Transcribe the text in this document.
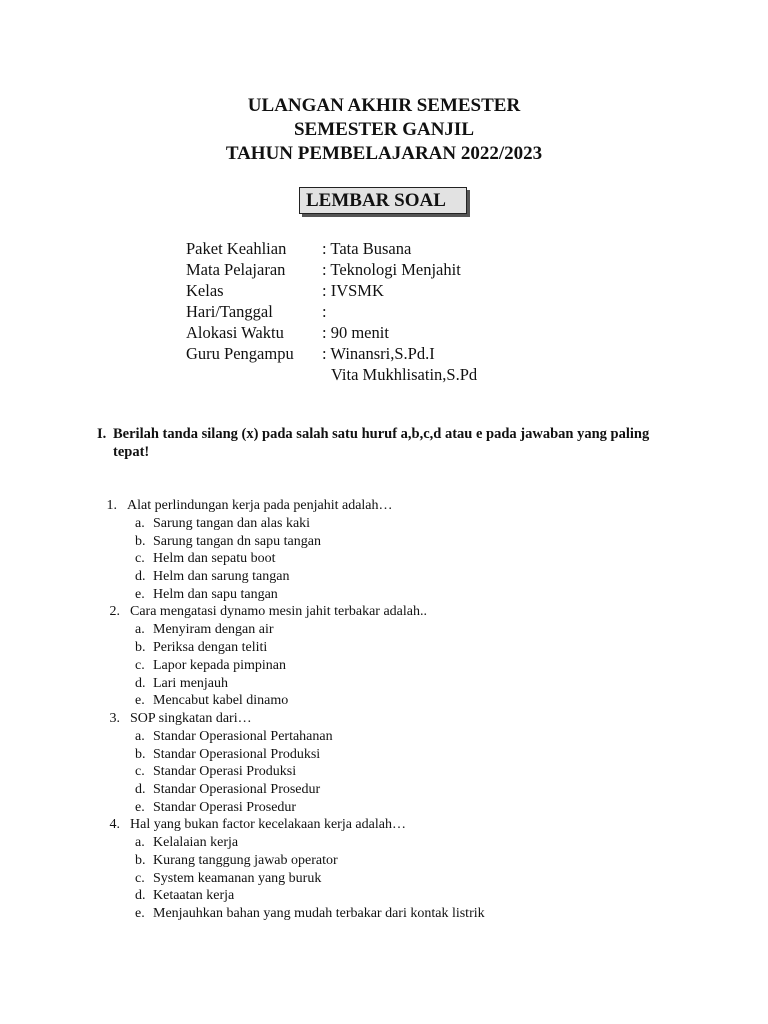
ULANGAN AKHIR SEMESTER
SEMESTER GANJIL
TAHUN PEMBELAJARAN 2022/2023
LEMBAR SOAL
Paket Keahlian : Tata Busana
Mata Pelajaran : Teknologi Menjahit
Kelas	: IVSMK
Hari/Tanggal	:
Alokasi Waktu : 90 menit
Guru Pengampu : Winansri,S.Pd.I
Vita Mukhlisatin,S.Pd
I. Berilah tanda silang (x) pada salah satu huruf a,b,c,d atau e pada jawaban yang paling
tepat!
1. Alat perlindungan kerja pada penjahit adalah…
a. Sarung tangan dan alas kaki
b. Sarung tangan dn sapu tangan
c. Helm dan sepatu boot
d. Helm dan sarung tangan
e. Helm dan sapu tangan
2. Cara mengatasi dynamo mesin jahit terbakar adalah..
a. Menyiram dengan air
b. Periksa dengan teliti
c. Lapor kepada pimpinan
d. Lari menjauh
e. Mencabut kabel dinamo
3. SOP singkatan dari…
a. Standar Operasional Pertahanan
b. Standar Operasional Produksi
c. Standar Operasi Produksi
d. Standar Operasional Prosedur
e. Standar Operasi Prosedur
4. Hal yang bukan factor kecelakaan kerja adalah…
a. Kelalaian kerja
b. Kurang tanggung jawab operator
c. System keamanan yang buruk
d. Ketaatan kerja
e. Menjauhkan bahan yang mudah terbakar dari kontak listrik
